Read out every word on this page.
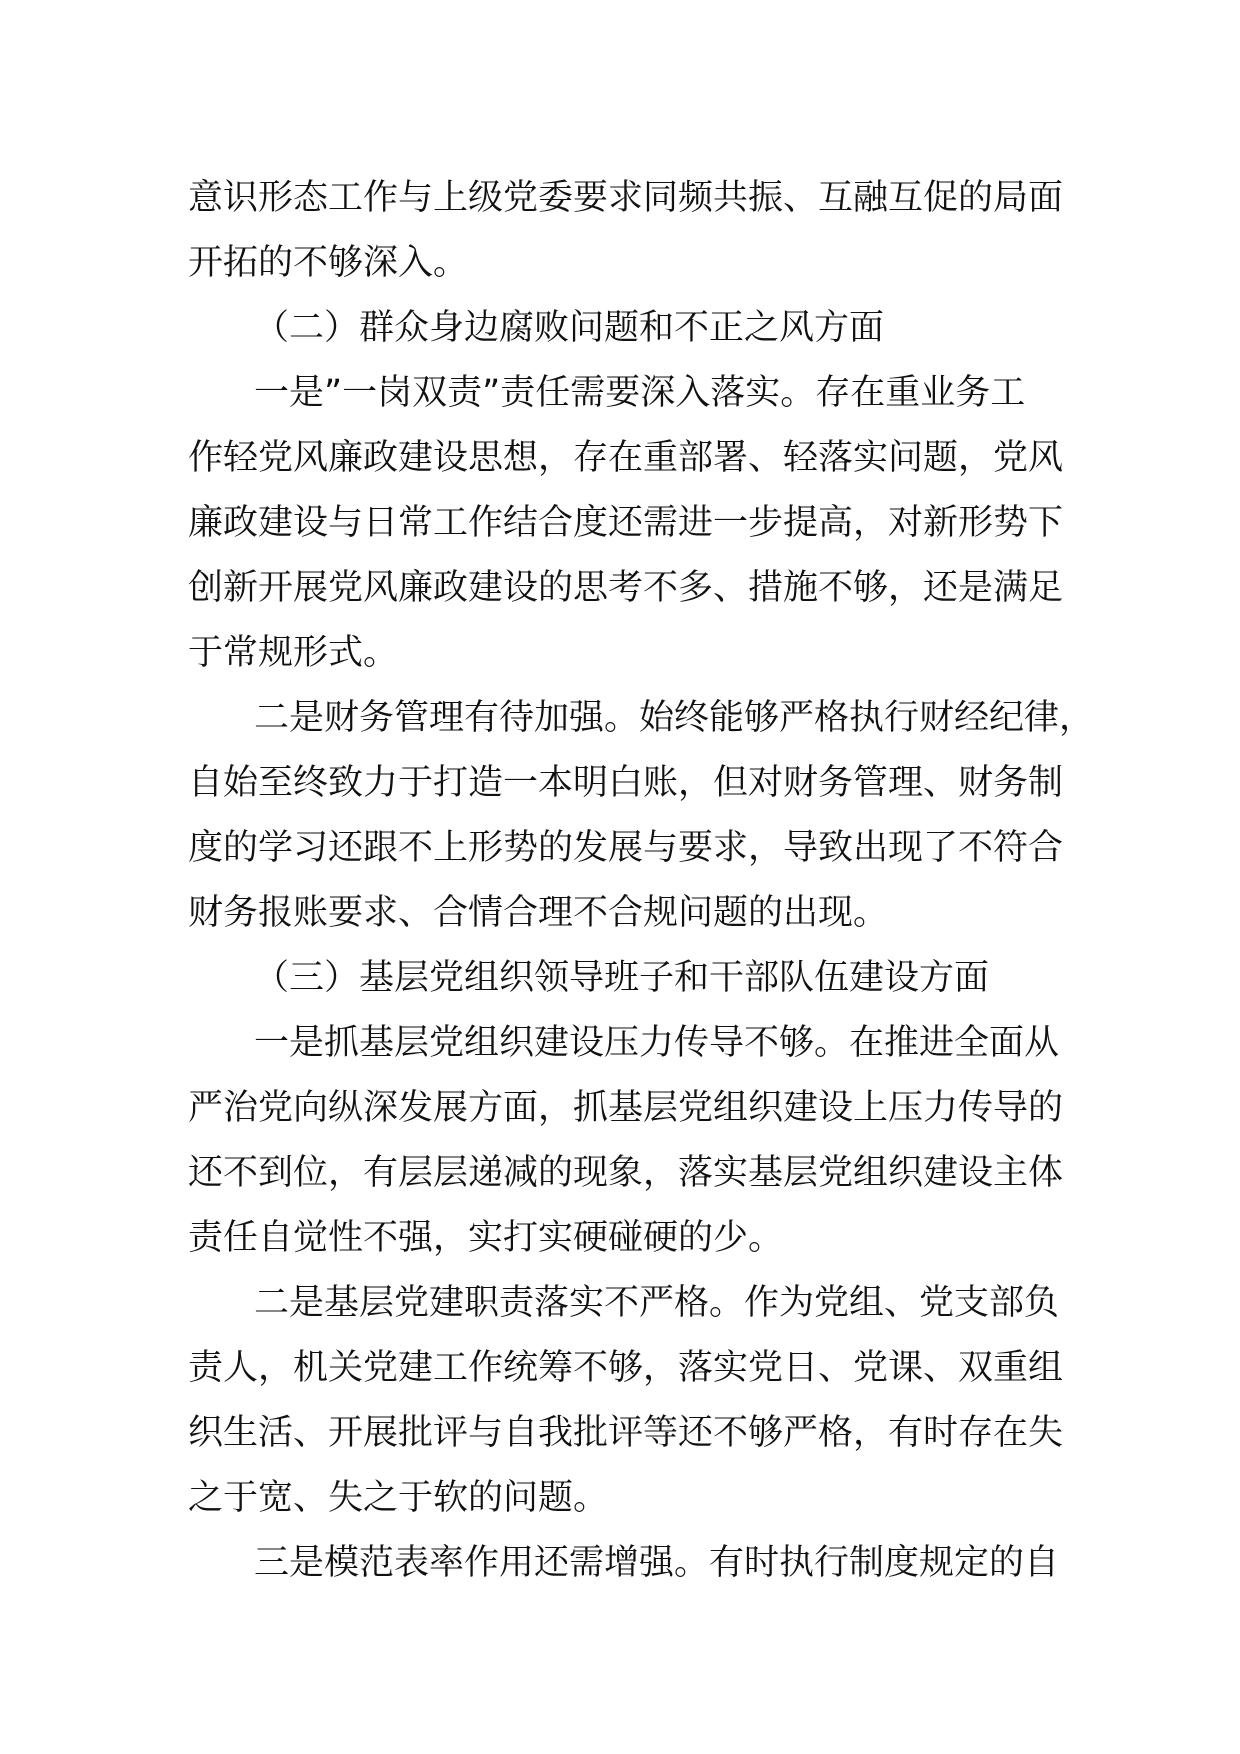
意识形态工作与上级党委要求同频共振、互融互促的局面
开拓的不够深入。
（二）群众身边腐败问题和不正之风方面
一是”一岗双责”责任需要深入落实。存在重业务工
作轻党风廉政建设思想，存在重部署、轻落实问题，党风
廉政建设与日常工作结合度还需进一步提高，对新形势下
创新开展党风廉政建设的思考不多、措施不够，还是满足
于常规形式。
二是财务管理有待加强。始终能够严格执行财经纪律，
自始至终致力于打造一本明白账，但对财务管理、财务制
度的学习还跟不上形势的发展与要求，导致出现了不符合
财务报账要求、合情合理不合规问题的出现。
（三）基层党组织领导班子和干部队伍建设方面
一是抓基层党组织建设压力传导不够。在推进全面从
严治党向纵深发展方面，抓基层党组织建设上压力传导的
还不到位，有层层递减的现象，落实基层党组织建设主体
责任自觉性不强，实打实硬碰硬的少。
二是基层党建职责落实不严格。作为党组、党支部负
责人，机关党建工作统筹不够，落实党日、党课、双重组
织生活、开展批评与自我批评等还不够严格，有时存在失
之于宽、失之于软的问题。
三是模范表率作用还需增强。有时执行制度规定的自
